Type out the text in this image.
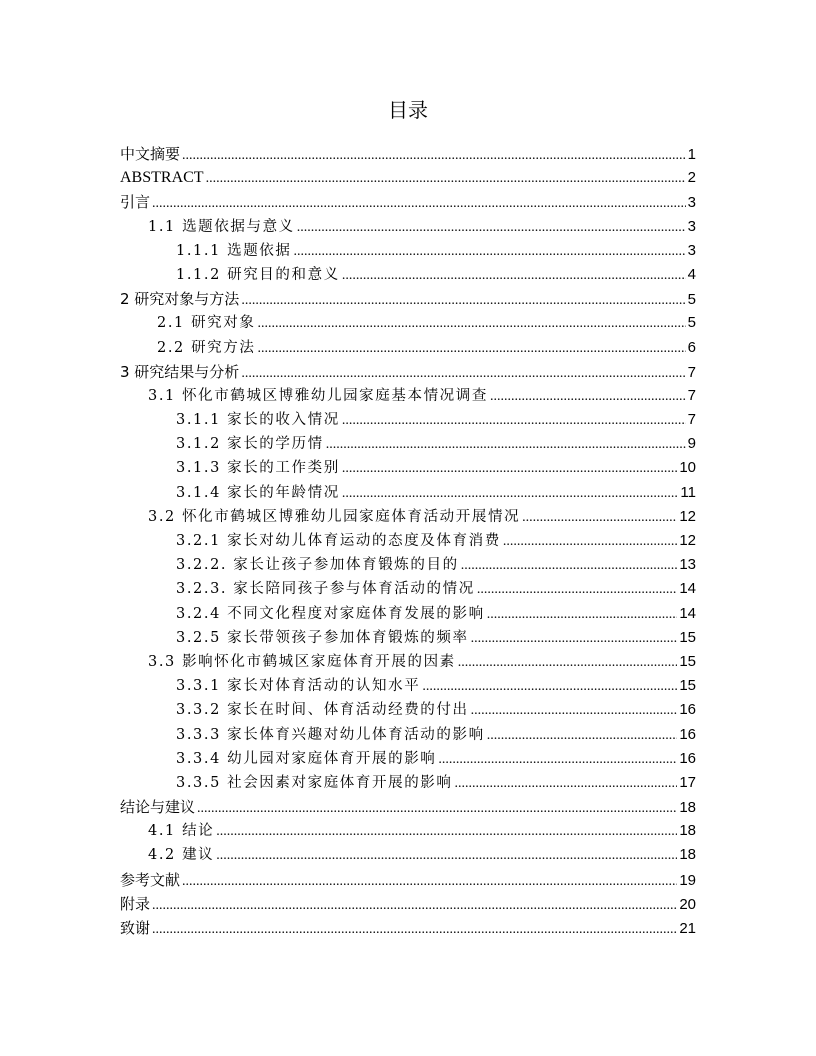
目录
中文摘要 .....	1
ABSTRACT .....	2
引言 .....	3
1.1 选题依据与意义 .....	3
1.1.1 选题依据 .....	3
1.1.2 研究目的和意义 .....	4
2 研究对象与方法 .....	5
2.1 研究对象 .....	5
2.2 研究方法 .....	6
3 研究结果与分析 .....	7
3.1 怀化市鹤城区博雅幼儿园家庭基本情况调查 .....	7
3.1.1 家长的收入情况 .....	7
3.1.2 家长的学历情 .....	9
3.1.3 家长的工作类别 .....	10
3.1.4 家长的年龄情况 .....	11
3.2 怀化市鹤城区博雅幼儿园家庭体育活动开展情况 .....	12
3.2.1 家长对幼儿体育运动的态度及体育消费 .....	12
3.2.2. 家长让孩子参加体育锻炼的目的 .....	13
3.2.3. 家长陪同孩子参与体育活动的情况 .....	14
3.2.4 不同文化程度对家庭体育发展的影响 .....	14
3.2.5 家长带领孩子参加体育锻炼的频率 .....	15
3.3 影响怀化市鹤城区家庭体育开展的因素 .....	15
3.3.1 家长对体育活动的认知水平 .....	15
3.3.2 家长在时间、体育活动经费的付出 .....	16
3.3.3 家长体育兴趣对幼儿体育活动的影响 .....	16
3.3.4 幼儿园对家庭体育开展的影响 .....	16
3.3.5 社会因素对家庭体育开展的影响 .....	17
结论与建议 .....	18
4.1 结论 .....	18
4.2 建议 .....	18
参考文献 .....	19
附录 .....	20
致谢 .....	21
